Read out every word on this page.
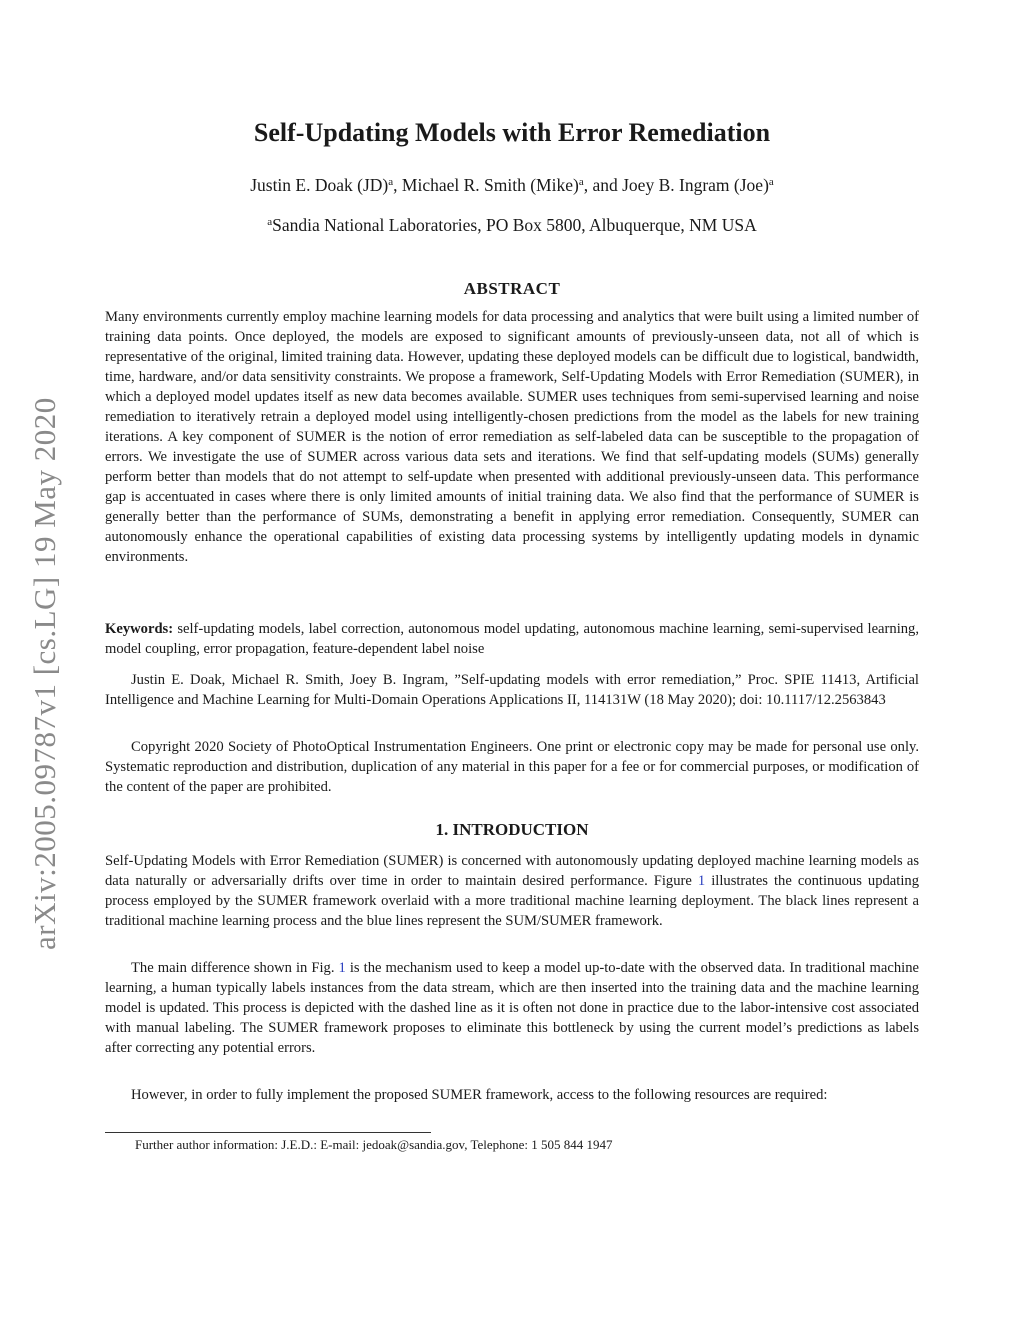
arXiv:2005.09787v1 [cs.LG] 19 May 2020
Self-Updating Models with Error Remediation
Justin E. Doak (JD)$^a$, Michael R. Smith (Mike)$^a$, and Joey B. Ingram (Joe)$^a$
$^a$Sandia National Laboratories, PO Box 5800, Albuquerque, NM USA
ABSTRACT
Many environments currently employ machine learning models for data processing and analytics that were built using a limited number of training data points. Once deployed, the models are exposed to significant amounts of previously-unseen data, not all of which is representative of the original, limited training data. However, updating these deployed models can be difficult due to logistical, bandwidth, time, hardware, and/or data sensitivity constraints. We propose a framework, Self-Updating Models with Error Remediation (SUMER), in which a deployed model updates itself as new data becomes available. SUMER uses techniques from semi-supervised learning and noise remediation to iteratively retrain a deployed model using intelligently-chosen predictions from the model as the labels for new training iterations. A key component of SUMER is the notion of error remediation as self-labeled data can be susceptible to the propagation of errors. We investigate the use of SUMER across various data sets and iterations. We find that self-updating models (SUMs) generally perform better than models that do not attempt to self-update when presented with additional previously-unseen data. This performance gap is accentuated in cases where there is only limited amounts of initial training data. We also find that the performance of SUMER is generally better than the performance of SUMs, demonstrating a benefit in applying error remediation. Consequently, SUMER can autonomously enhance the operational capabilities of existing data processing systems by intelligently updating models in dynamic environments.
Keywords: self-updating models, label correction, autonomous model updating, autonomous machine learning, semi-supervised learning, model coupling, error propagation, feature-dependent label noise
Justin E. Doak, Michael R. Smith, Joey B. Ingram, ”Self-updating models with error remediation,” Proc. SPIE 11413, Artificial Intelligence and Machine Learning for Multi-Domain Operations Applications II, 114131W (18 May 2020); doi: 10.1117/12.2563843
Copyright 2020 Society of PhotoOptical Instrumentation Engineers. One print or electronic copy may be made for personal use only. Systematic reproduction and distribution, duplication of any material in this paper for a fee or for commercial purposes, or modification of the content of the paper are prohibited.
1. INTRODUCTION
Self-Updating Models with Error Remediation (SUMER) is concerned with autonomously updating deployed machine learning models as data naturally or adversarially drifts over time in order to maintain desired performance. Figure 1 illustrates the continuous updating process employed by the SUMER framework overlaid with a more traditional machine learning deployment. The black lines represent a traditional machine learning process and the blue lines represent the SUM/SUMER framework.
The main difference shown in Fig. 1 is the mechanism used to keep a model up-to-date with the observed data. In traditional machine learning, a human typically labels instances from the data stream, which are then inserted into the training data and the machine learning model is updated. This process is depicted with the dashed line as it is often not done in practice due to the labor-intensive cost associated with manual labeling. The SUMER framework proposes to eliminate this bottleneck by using the current model’s predictions as labels after correcting any potential errors.
However, in order to fully implement the proposed SUMER framework, access to the following resources are required:
Further author information: J.E.D.: E-mail: jedoak@sandia.gov, Telephone: 1 505 844 1947
